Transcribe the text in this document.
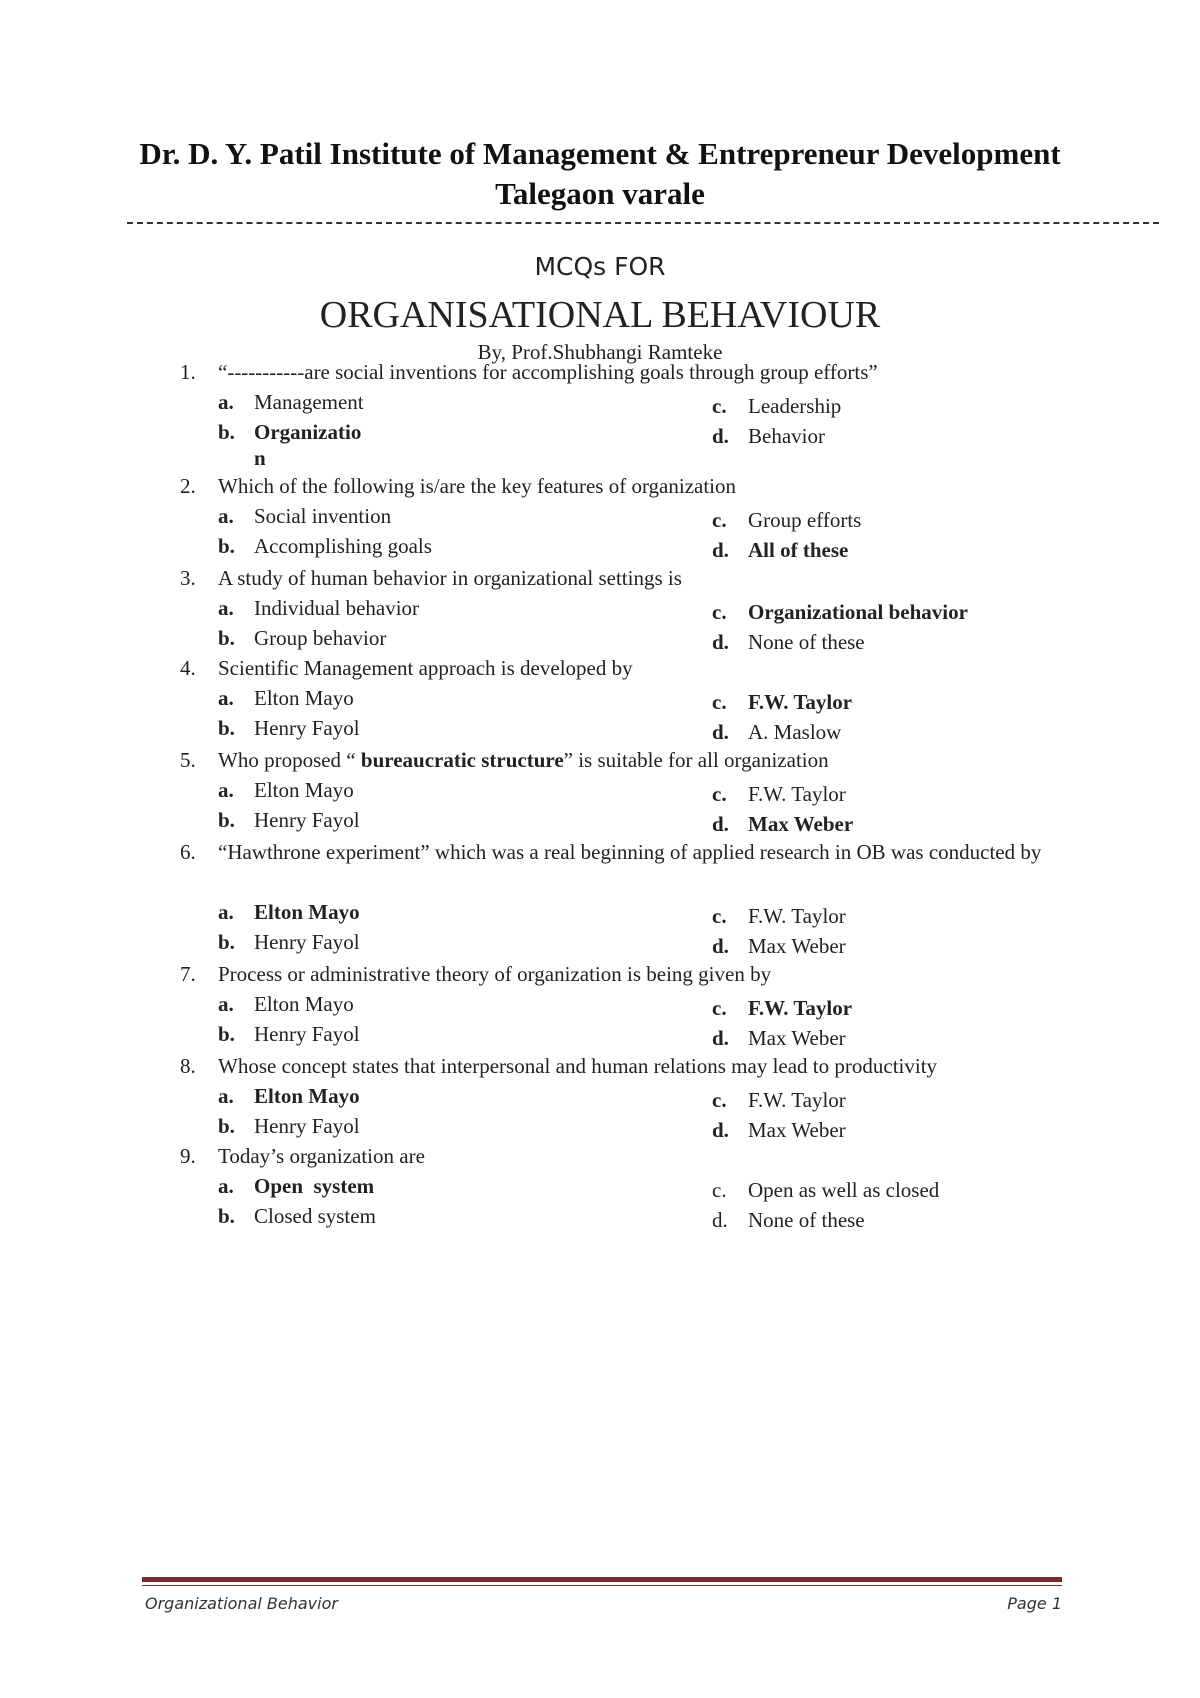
Dr. D. Y. Patil Institute of Management & Entrepreneur Development
Talegaon varale
MCQs FOR
ORGANISATIONAL BEHAVIOUR
By, Prof.Shubhangi Ramteke
1.	“-----------are social inventions for accomplishing goals through group efforts”
a. Management
b. Organizatio
n
c.	Leadership
d. Behavior
2.	Which of the following is/are the key features of organization
a. Social invention
b. Accomplishing goals
c.	Group efforts
d. All of these
3.	A study of human behavior in organizational settings is
a. Individual behavior
b. Group behavior
c.	Organizational behavior
d. None of these
4.	Scientific Management approach is developed by
a. Elton Mayo
b. Henry Fayol
c.	F.W. Taylor
d. A. Maslow
5.	Who proposed “ bureaucratic structure” is suitable for all organization
a. Elton Mayo
b. Henry Fayol
c.	F.W. Taylor
d. Max Weber
6.	“Hawthrone experiment” which was a real beginning of applied research in OB was conducted by
a. Elton Mayo
b. Henry Fayol
c.	F.W. Taylor
d. Max Weber
7.	Process or administrative theory of organization is being given by
a. Elton Mayo
b. Henry Fayol
c.	F.W. Taylor
d. Max Weber
8.	Whose concept states that interpersonal and human relations may lead to productivity
a. Elton Mayo
b. Henry Fayol
c.	F.W. Taylor
d. Max Weber
9.	Today’s organization are
a. Open  system
b. Closed system
c.	Open as well as closed
d. None of these
Organizational Behavior	Page 1
